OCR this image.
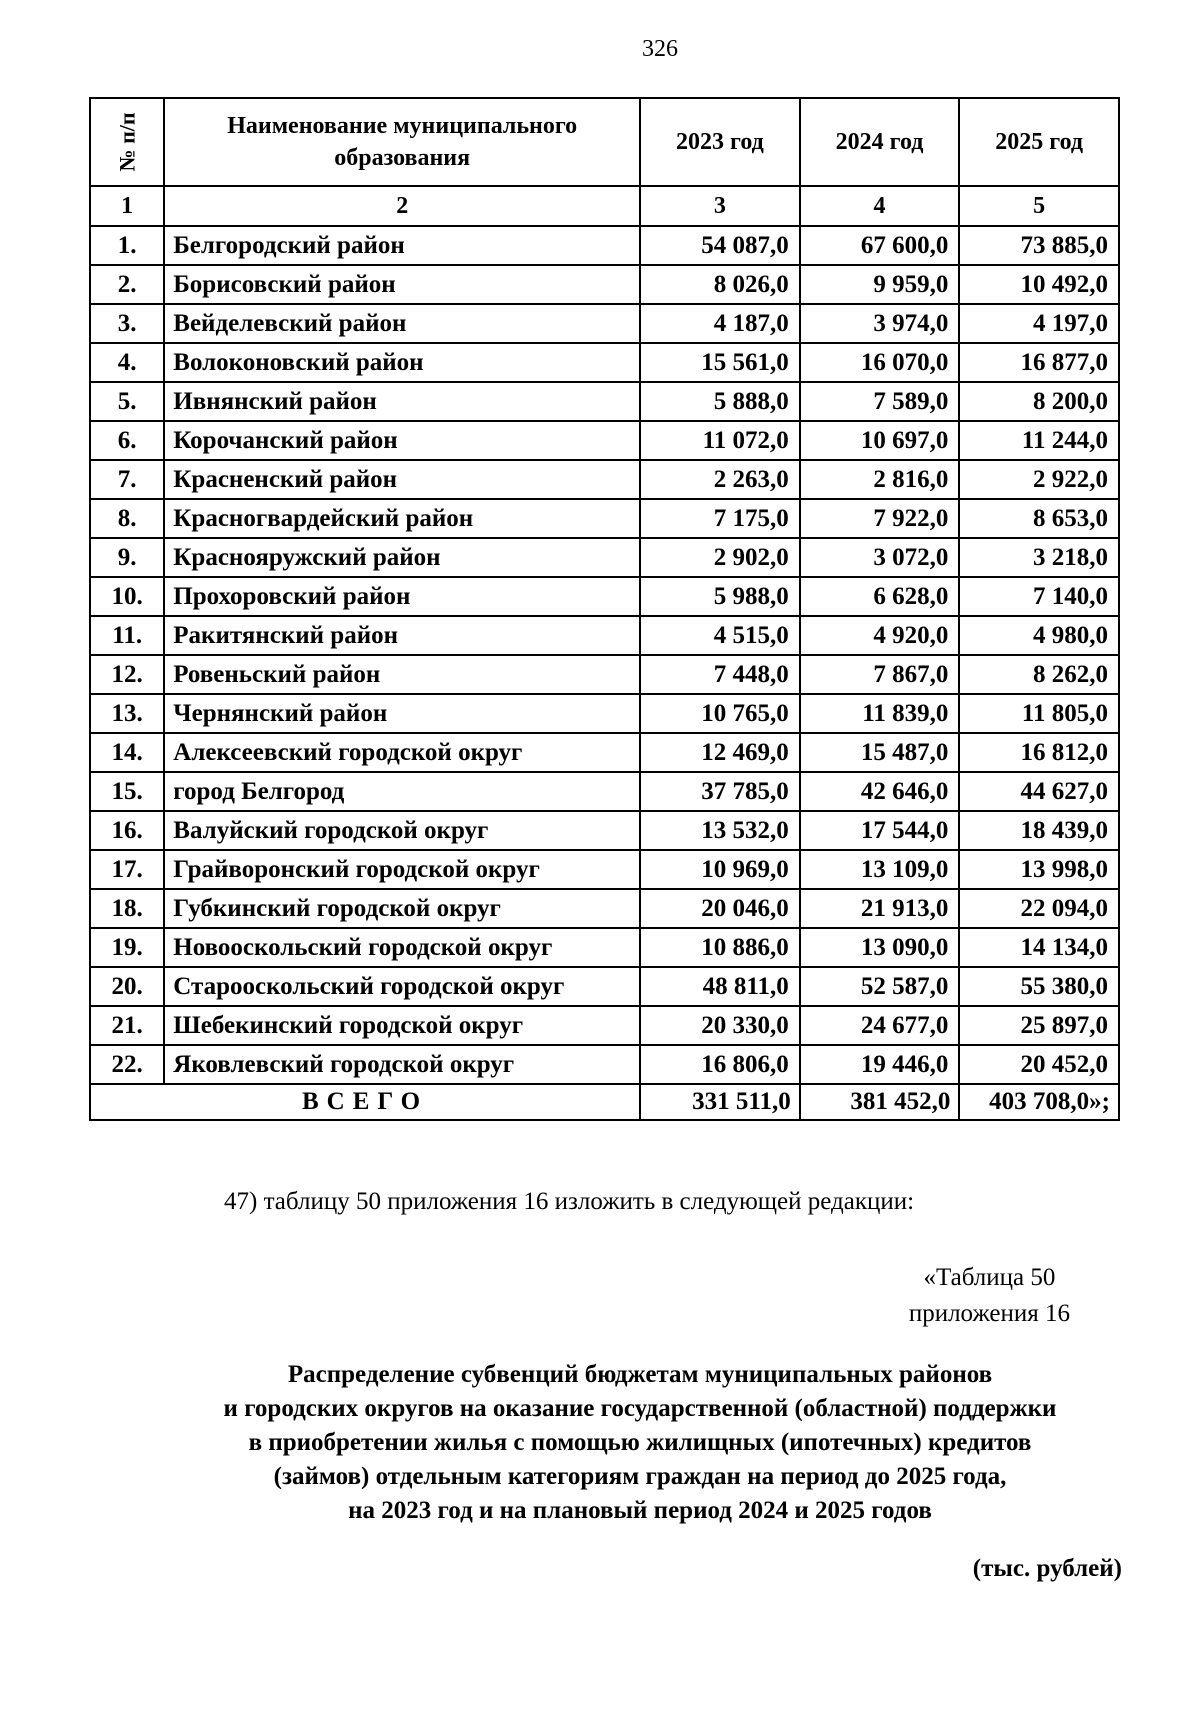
326
№ п/п	Наименование муниципального образования	2023 год	2024 год	2025 год
1	2	3	4	5
1.	Белгородский район	54 087,0	67 600,0	73 885,0
2.	Борисовский район	8 026,0	9 959,0	10 492,0
3.	Вейделевский район	4 187,0	3 974,0	4 197,0
4.	Волоконовский район	15 561,0	16 070,0	16 877,0
5.	Ивнянский район	5 888,0	7 589,0	8 200,0
6.	Корочанский район	11 072,0	10 697,0	11 244,0
7.	Красненский район	2 263,0	2 816,0	2 922,0
8.	Красногвардейский район	7 175,0	7 922,0	8 653,0
9.	Краснояружский район	2 902,0	3 072,0	3 218,0
10.	Прохоровский район	5 988,0	6 628,0	7 140,0
11.	Ракитянский район	4 515,0	4 920,0	4 980,0
12.	Ровеньский район	7 448,0	7 867,0	8 262,0
13.	Чернянский район	10 765,0	11 839,0	11 805,0
14.	Алексеевский городской округ	12 469,0	15 487,0	16 812,0
15.	город Белгород	37 785,0	42 646,0	44 627,0
16.	Валуйский городской округ	13 532,0	17 544,0	18 439,0
17.	Грайворонский городской округ	10 969,0	13 109,0	13 998,0
18.	Губкинский городской округ	20 046,0	21 913,0	22 094,0
19.	Новооскольский городской округ	10 886,0	13 090,0	14 134,0
20.	Старооскольский городской округ	48 811,0	52 587,0	55 380,0
21.	Шебекинский городской округ	20 330,0	24 677,0	25 897,0
22.	Яковлевский городской округ	16 806,0	19 446,0	20 452,0
ВСЕГО		331 511,0	381 452,0	403 708,0»;
47) таблицу 50 приложения 16 изложить в следующей редакции:
«Таблица 50
приложения 16
Распределение субвенций бюджетам муниципальных районов
и городских округов на оказание государственной (областной) поддержки
в приобретении жилья с помощью жилищных (ипотечных) кредитов
(займов) отдельным категориям граждан на период до 2025 года,
на 2023 год и на плановый период 2024 и 2025 годов
(тыс. рублей)
